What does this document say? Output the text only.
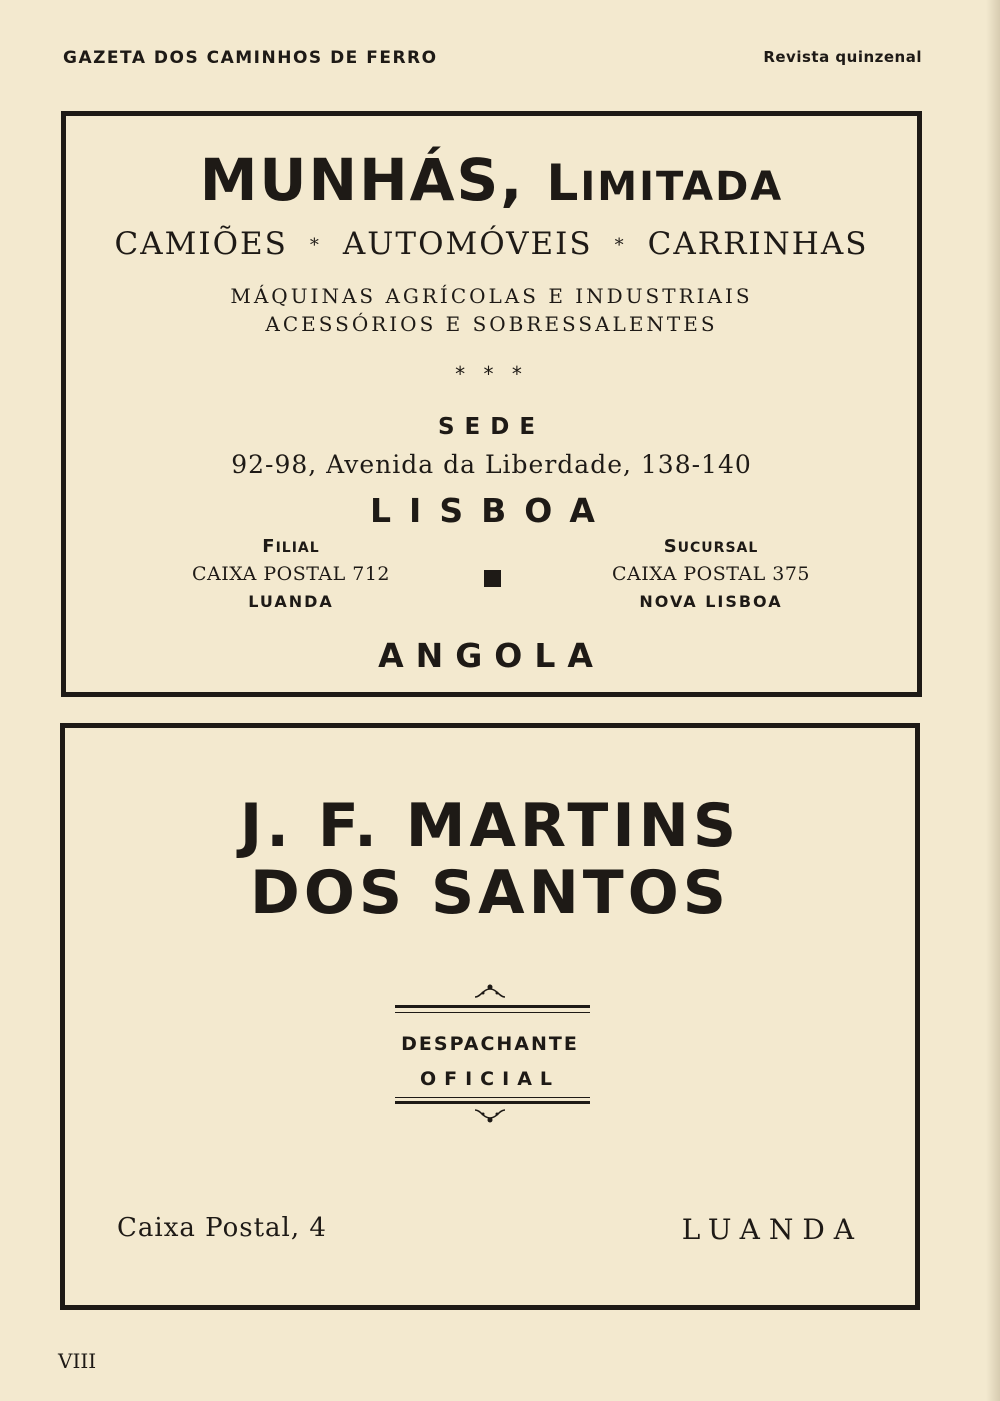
GAZETA DOS CAMINHOS DE FERRO	Revista quinzenal
MUNHÁS, LIMITADA
CAMIÕES * AUTOMÓVEIS * CARRINHAS
MÁQUINAS AGRÍCOLAS E INDUSTRIAIS
ACESSÓRIOS E SOBRESSALENTES
* * *
SEDE
92-98, Avenida da Liberdade, 138-140
LISBOA
FILIAL
CAIXA POSTAL 712
LUANDA
SUCURSAL
CAIXA POSTAL 375
NOVA LISBOA
ANGOLA
J. F. MARTINS
DOS SANTOS
DESPACHANTE
OFICIAL
Caixa Postal, 4	LUANDA
VIII
